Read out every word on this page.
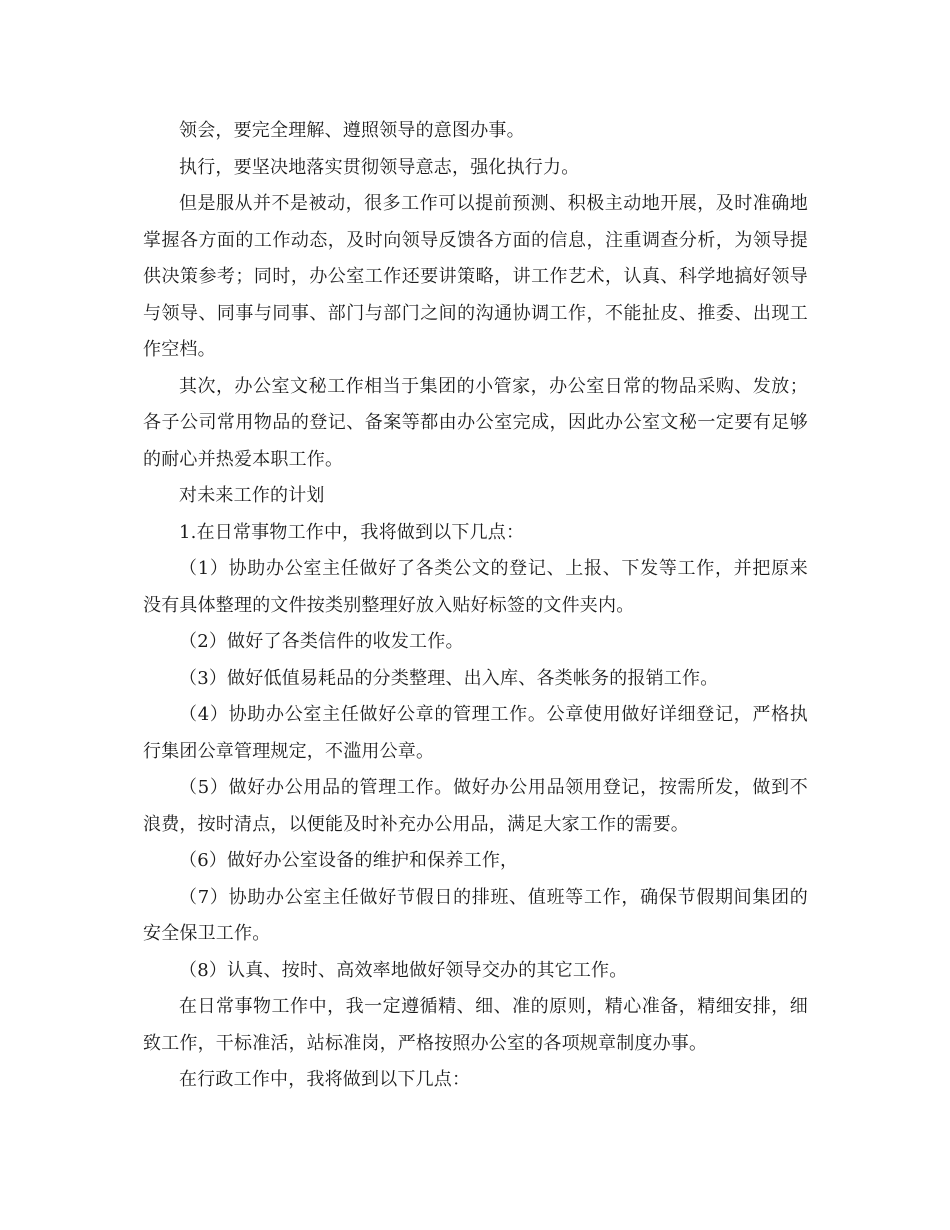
领会，要完全理解、遵照领导的意图办事。

执行，要坚决地落实贯彻领导意志，强化执行力。

但是服从并不是被动，很多工作可以提前预测、积极主动地开展，及时准确地掌握各方面的工作动态，及时向领导反馈各方面的信息，注重调查分析，为领导提供决策参考；同时，办公室工作还要讲策略，讲工作艺术，认真、科学地搞好领导与领导、同事与同事、部门与部门之间的沟通协调工作，不能扯皮、推委、出现工作空档。

其次，办公室文秘工作相当于集团的小管家，办公室日常的物品采购、发放；各子公司常用物品的登记、备案等都由办公室完成，因此办公室文秘一定要有足够的耐心并热爱本职工作。

对未来工作的计划

1.在日常事物工作中，我将做到以下几点：

（1）协助办公室主任做好了各类公文的登记、上报、下发等工作，并把原来没有具体整理的文件按类别整理好放入贴好标签的文件夹内。

（2）做好了各类信件的收发工作。

（3）做好低值易耗品的分类整理、出入库、各类帐务的报销工作。

（4）协助办公室主任做好公章的管理工作。公章使用做好详细登记，严格执行集团公章管理规定，不滥用公章。

（5）做好办公用品的管理工作。做好办公用品领用登记，按需所发，做到不浪费，按时清点，以便能及时补充办公用品，满足大家工作的需要。

（6）做好办公室设备的维护和保养工作，

（7）协助办公室主任做好节假日的排班、值班等工作，确保节假期间集团的安全保卫工作。

（8）认真、按时、高效率地做好领导交办的其它工作。

在日常事物工作中，我一定遵循精、细、准的原则，精心准备，精细安排，细致工作，干标准活，站标准岗，严格按照办公室的各项规章制度办事。

在行政工作中，我将做到以下几点：
